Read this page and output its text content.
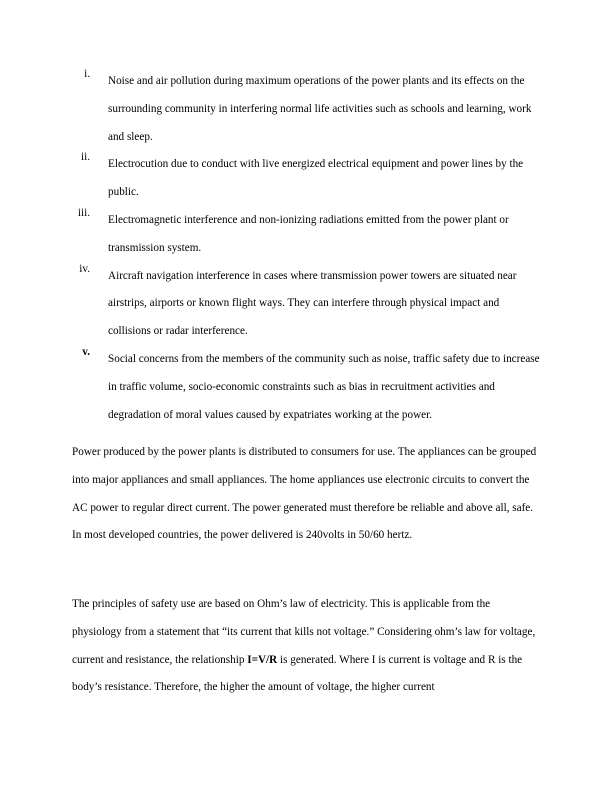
i.
Noise and air pollution during maximum operations of the power plants and its effects on the surrounding community in interfering normal life activities such as schools and learning, work and sleep.
ii.
Electrocution due to conduct with live energized electrical equipment and power lines by the public.
iii.
Electromagnetic interference and non-ionizing radiations emitted from the power plant or transmission system.
iv.
Aircraft navigation interference in cases where transmission power towers are situated near airstrips, airports or known flight ways. They can interfere through physical impact and collisions or radar interference.
v.
Social concerns from the members of the community such as noise, traffic safety due to increase in traffic volume, socio-economic constraints such as bias in recruitment activities and degradation of moral values caused by expatriates working at the power.
Power produced by the power plants is distributed to consumers for use. The appliances can be grouped into major appliances and small appliances. The home appliances use electronic circuits to convert the AC power to regular direct current. The power generated must therefore be reliable and above all, safe. In most developed countries, the power delivered is 240volts in 50/60 hertz.
The principles of safety use are based on Ohm’s law of electricity. This is applicable from the physiology from a statement that “its current that kills not voltage.” Considering ohm’s law for voltage, current and resistance, the relationship I=V/R is generated. Where I is current is voltage and R is the body’s resistance. Therefore, the higher the amount of voltage, the higher current
